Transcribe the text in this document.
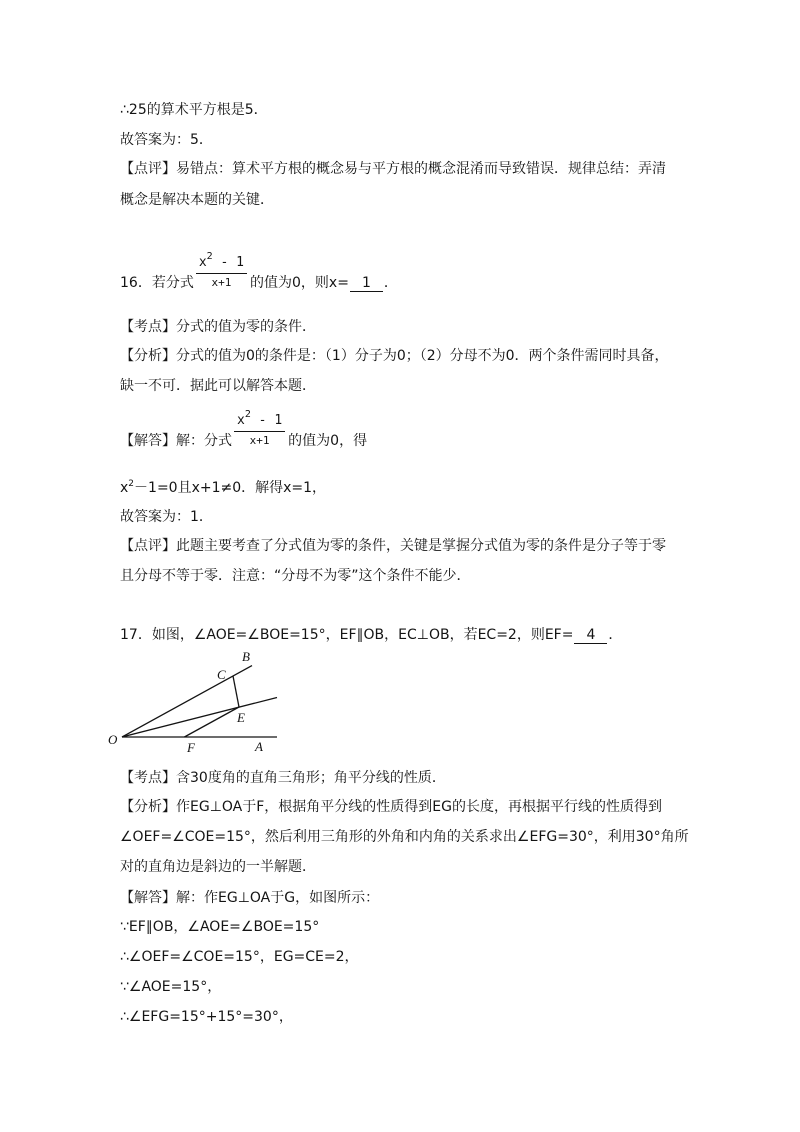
∴25的算术平方根是5．
故答案为：5．
【点评】易错点：算术平方根的概念易与平方根的概念混淆而导致错误．规律总结：弄清
概念是解决本题的关键．
16．若分式 $\frac{x^2 - 1}{x+1}$ 的值为0，则x= 1 ．
【考点】分式的值为零的条件．
【分析】分式的值为0的条件是：（1）分子为0；（2）分母不为0．两个条件需同时具备，
缺一不可．据此可以解答本题．
【解答】解：分式 $\frac{x^2 - 1}{x+1}$ 的值为0，得
$x^2-1=0$且x+1≠0．解得x=1，
故答案为：1．
【点评】此题主要考查了分式值为零的条件，关键是掌握分式值为零的条件是分子等于零
且分母不等于零．注意：“分母不为零”这个条件不能少．
17．如图，∠AOE=∠BOE=15°，EF∥OB，EC⊥OB，若EC=2，则EF= 4 ．
O	A
B
C
E
F
【考点】含30度角的直角三角形；角平分线的性质．
【分析】作EG⊥OA于F，根据角平分线的性质得到EG的长度，再根据平行线的性质得到
∠OEF=∠COE=15°，然后利用三角形的外角和内角的关系求出∠EFG=30°，利用30°角所
对的直角边是斜边的一半解题．
【解答】解：作EG⊥OA于G，如图所示：
∵EF∥OB，∠AOE=∠BOE=15°
∴∠OEF=∠COE=15°，EG=CE=2，
∵∠AOE=15°，
∴∠EFG=15°+15°=30°，
